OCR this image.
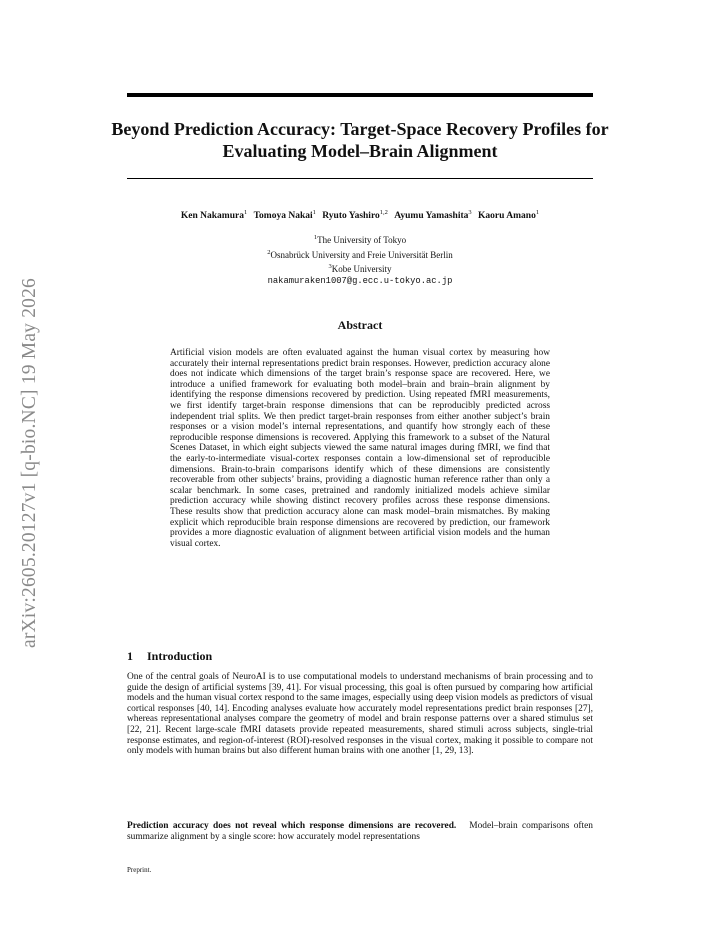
arXiv:2605.20127v1 [q-bio.NC] 19 May 2026
Beyond Prediction Accuracy: Target-Space Recovery Profiles for Evaluating Model–Brain Alignment
Ken Nakamura$^1$ Tomoya Nakai$^1$ Ryuto Yashiro$^{1,2}$ Ayumu Yamashita$^3$ Kaoru Amano$^1$
$^1$The University of Tokyo
$^2$Osnabrück University and Freie Universität Berlin
$^3$Kobe University
nakamuraken1007@g.ecc.u-tokyo.ac.jp
Abstract

Artificial vision models are often evaluated against the human visual cortex by measuring how accurately their internal representations predict brain responses. However, prediction accuracy alone does not indicate which dimensions of the target brain’s response space are recovered. Here, we introduce a unified framework for evaluating both model–brain and brain–brain alignment by identifying the response dimensions recovered by prediction. Using repeated fMRI measurements, we first identify target-brain response dimensions that can be reproducibly predicted across independent trial splits. We then predict target-brain responses from either another subject’s brain responses or a vision model’s internal representations, and quantify how strongly each of these reproducible response dimensions is recovered. Applying this framework to a subset of the Natural Scenes Dataset, in which eight subjects viewed the same natural images during fMRI, we find that the early-to-intermediate visual-cortex responses contain a low-dimensional set of reproducible dimensions. Brain-to-brain comparisons identify which of these dimensions are consistently recoverable from other subjects’ brains, providing a diagnostic human reference rather than only a scalar benchmark. In some cases, pretrained and randomly initialized models achieve similar prediction accuracy while showing distinct recovery profiles across these response dimensions. These results show that prediction accuracy alone can mask model–brain mismatches. By making explicit which reproducible brain response dimensions are recovered by prediction, our framework provides a more diagnostic evaluation of alignment between artificial vision models and the human visual cortex.

1 Introduction

One of the central goals of NeuroAI is to use computational models to understand mechanisms of brain processing and to guide the design of artificial systems [39, 41]. For visual processing, this goal is often pursued by comparing how artificial models and the human visual cortex respond to the same images, especially using deep vision models as predictors of visual cortical responses [40, 14]. Encoding analyses evaluate how accurately model representations predict brain responses [27], whereas representational analyses compare the geometry of model and brain response patterns over a shared stimulus set [22, 21]. Recent large-scale fMRI datasets provide repeated measurements, shared stimuli across subjects, single-trial response estimates, and region-of-interest (ROI)-resolved responses in the visual cortex, making it possible to compare not only models with human brains but also different human brains with one another [1, 29, 13].

Prediction accuracy does not reveal which response dimensions are recovered. Model–brain comparisons often summarize alignment by a single score: how accurately model representations

Preprint.
